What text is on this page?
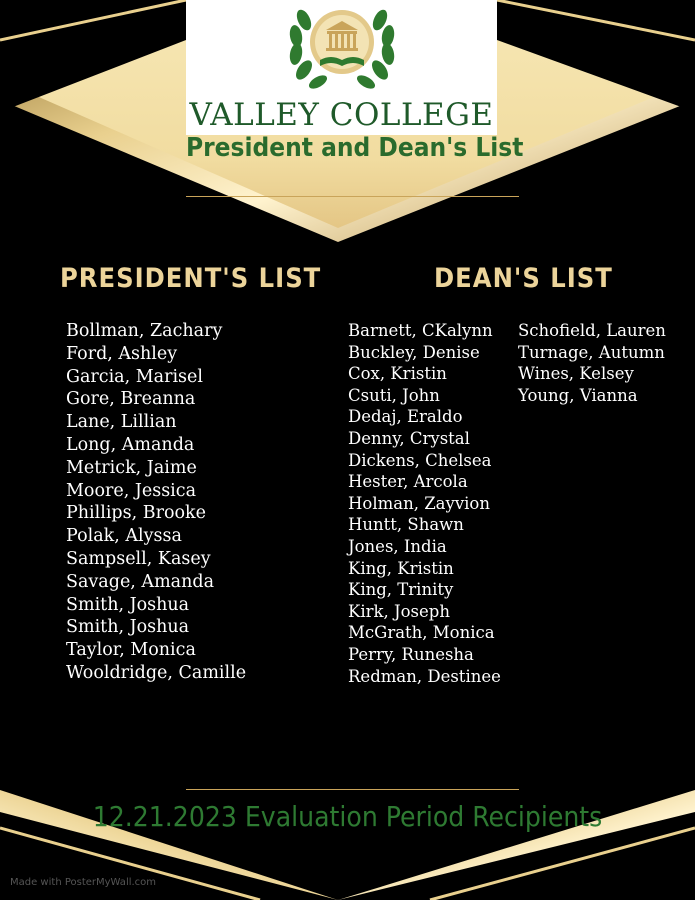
VALLEY COLLEGE
President and Dean's List
PRESIDENT'S LIST	DEAN'S LIST
Bollman, Zachary
Ford, Ashley
Garcia, Marisel
Gore, Breanna
Lane, Lillian
Long, Amanda
Metrick, Jaime
Moore, Jessica
Phillips, Brooke
Polak, Alyssa
Sampsell, Kasey
Savage, Amanda
Smith, Joshua
Smith, Joshua
Taylor, Monica
Wooldridge, Camille
Barnett, CKalynn
Buckley, Denise
Cox, Kristin
Csuti, John
Dedaj, Eraldo
Denny, Crystal
Dickens, Chelsea
Hester, Arcola
Holman, Zayvion
Huntt, Shawn
Jones, India
King, Kristin
King, Trinity
Kirk, Joseph
McGrath, Monica
Perry, Runesha
Redman, Destinee
Schofield, Lauren
Turnage, Autumn
Wines, Kelsey
Young, Vianna
12.21.2023 Evaluation Period Recipients
Made with PosterMyWall.com
